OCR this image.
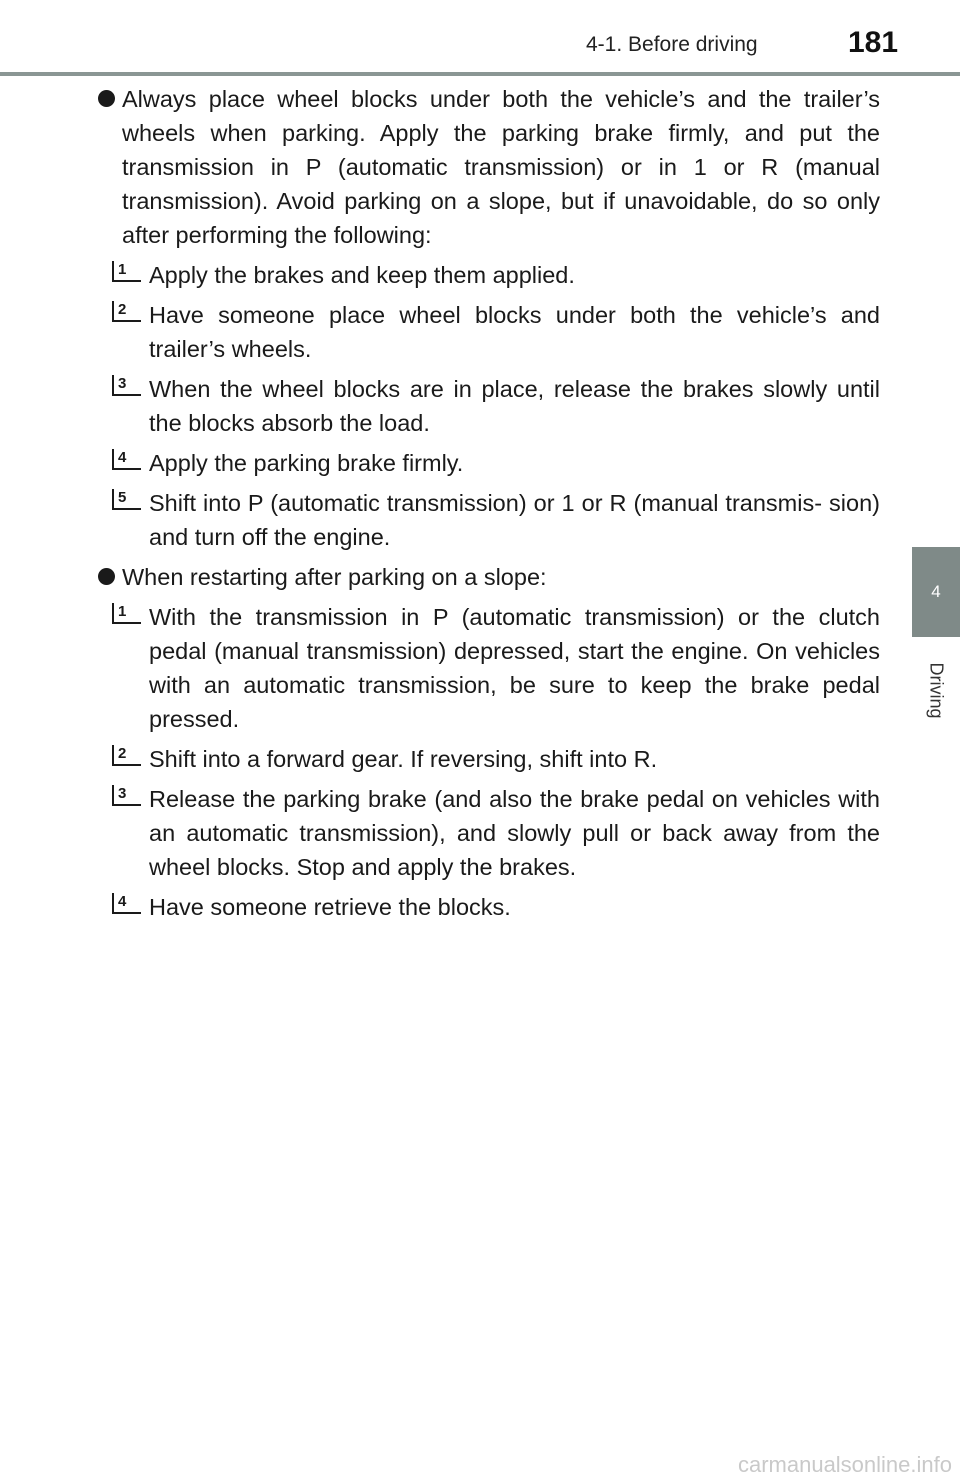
4-1. Before driving	181
4
Driving
Always place wheel blocks under both the vehicle’s and the trailer’s wheels when parking. Apply the parking brake firmly, and put the transmission in P (automatic transmission) or in 1 or R (manual transmission). Avoid parking on a slope, but if unavoidable, do so only after performing the following:
1 Apply the brakes and keep them applied.
2 Have someone place wheel blocks under both the vehicle’s and trailer’s wheels.
3 When the wheel blocks are in place, release the brakes slowly until the blocks absorb the load.
4 Apply the parking brake firmly.
5 Shift into P (automatic transmission) or 1 or R (manual transmis- sion) and turn off the engine.
When restarting after parking on a slope:
1 With the transmission in P (automatic transmission) or the clutch pedal (manual transmission) depressed, start the engine. On vehicles with an automatic transmission, be sure to keep the brake pedal pressed.
2 Shift into a forward gear. If reversing, shift into R.
3 Release the parking brake (and also the brake pedal on vehicles with an automatic transmission), and slowly pull or back away from the wheel blocks. Stop and apply the brakes.
4 Have someone retrieve the blocks.
carmanualsonline.info
